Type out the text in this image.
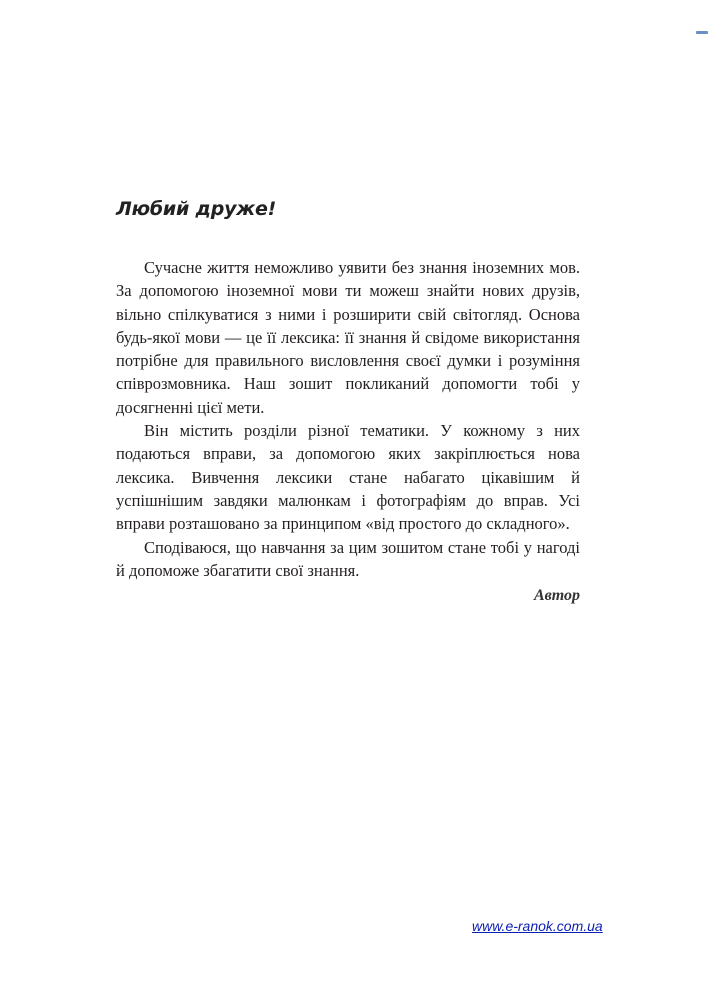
Любий друже!

Сучасне життя неможливо уявити без знання іноземних мов. За допомогою іноземної мови ти можеш знайти нових друзів, вільно спілкуватися з ними і розширити свій світогляд. Основа будь-якої мови — це її лексика: її знання й свідоме використання потрібне для правильного висловлення своєї думки і розуміння співрозмовника. Наш зошит покликаний допомогти тобі у досягненні цієї мети.

Він містить розділи різної тематики. У кожному з них подаються вправи, за допомогою яких закріплюється нова лексика. Вивчення лексики стане набагато цікавішим й успішнішим завдяки малюнкам і фотографіям до вправ. Усі вправи розташовано за принципом «від простого до складного».

Сподіваюся, що навчання за цим зошитом стане тобі у нагоді й допоможе збагатити свої знання.

Автор
www.e-ranok.com.ua
